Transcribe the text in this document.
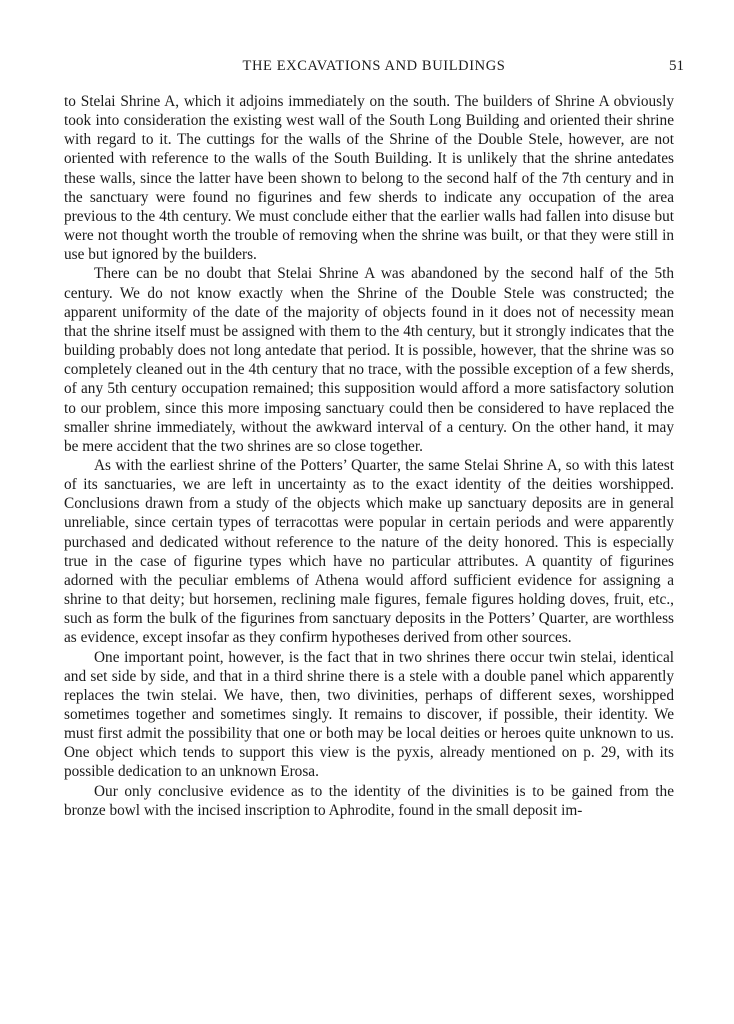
THE EXCAVATIONS AND BUILDINGS	51

to Stelai Shrine A, which it adjoins immediately on the south. The builders of Shrine A obviously took into consideration the existing west wall of the South Long Building and oriented their shrine with regard to it. The cuttings for the walls of the Shrine of the Double Stele, however, are not oriented with reference to the walls of the South Building. It is unlikely that the shrine antedates these walls, since the latter have been shown to belong to the second half of the 7th century and in the sanctuary were found no figurines and few sherds to indicate any occupation of the area previous to the 4th century. We must conclude either that the earlier walls had fallen into disuse but were not thought worth the trouble of removing when the shrine was built, or that they were still in use but ignored by the builders.

There can be no doubt that Stelai Shrine A was abandoned by the second half of the 5th century. We do not know exactly when the Shrine of the Double Stele was constructed; the apparent uniformity of the date of the majority of objects found in it does not of necessity mean that the shrine itself must be assigned with them to the 4th century, but it strongly indicates that the building probably does not long antedate that period. It is possible, however, that the shrine was so completely cleaned out in the 4th century that no trace, with the possible exception of a few sherds, of any 5th century occupation remained; this supposition would afford a more satisfactory solution to our problem, since this more imposing sanctuary could then be considered to have replaced the smaller shrine immediately, without the awkward interval of a century. On the other hand, it may be mere accident that the two shrines are so close together.

As with the earliest shrine of the Potters’ Quarter, the same Stelai Shrine A, so with this latest of its sanctuaries, we are left in uncertainty as to the exact identity of the deities worshipped. Conclusions drawn from a study of the objects which make up sanctuary deposits are in general unreliable, since certain types of terracottas were popular in certain periods and were apparently purchased and dedicated without reference to the nature of the deity honored. This is especially true in the case of figurine types which have no particular attributes. A quantity of figurines adorned with the peculiar emblems of Athena would afford sufficient evidence for assigning a shrine to that deity; but horsemen, reclining male figures, female figures holding doves, fruit, etc., such as form the bulk of the figurines from sanctuary deposits in the Potters’ Quarter, are worthless as evidence, except insofar as they confirm hypotheses derived from other sources.

One important point, however, is the fact that in two shrines there occur twin stelai, identical and set side by side, and that in a third shrine there is a stele with a double panel which apparently replaces the twin stelai. We have, then, two divinities, perhaps of different sexes, worshipped sometimes together and sometimes singly. It remains to discover, if possible, their identity. We must first admit the possibility that one or both may be local deities or heroes quite unknown to us. One object which tends to support this view is the pyxis, already mentioned on p. 29, with its possible dedication to an unknown Erosa.

Our only conclusive evidence as to the identity of the divinities is to be gained from the bronze bowl with the incised inscription to Aphrodite, found in the small deposit im-
